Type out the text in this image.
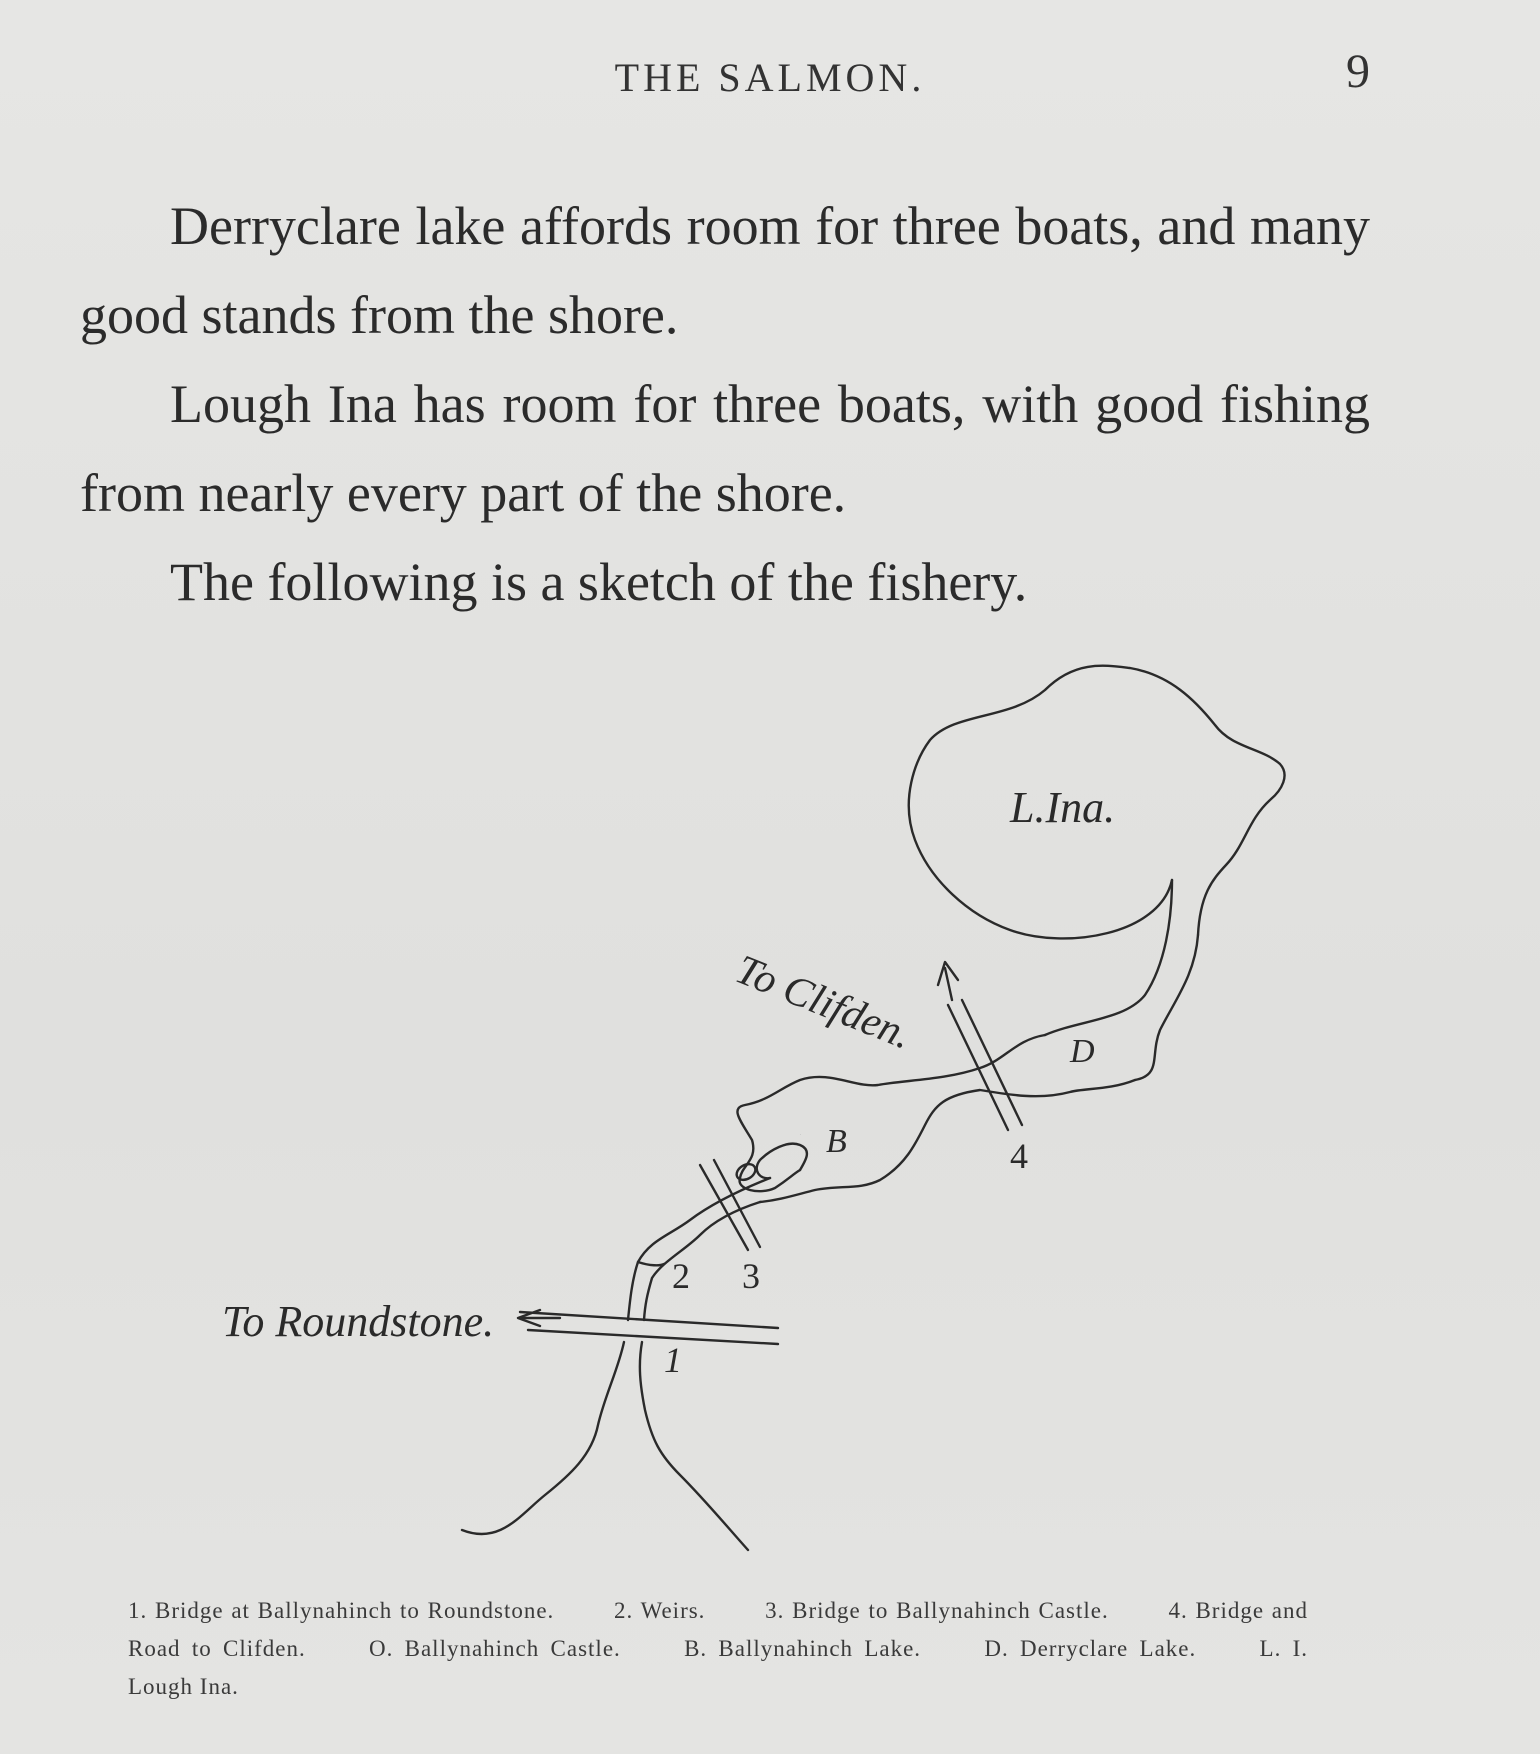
THE SALMON.	9

Derryclare lake affords room for three boats, and many good stands from the shore.

Lough Ina has room for three boats, with good fishing from nearly every part of the shore.

The following is a sketch of the fishery.

L.Ina.
To Clifden.
To Roundstone.
D
B
O
1
2 3
4
1. Bridge at Ballynahinch to Roundstone.	2. Weirs.	3. Bridge to Ballynahinch Castle.	4. Bridge and Road to Clifden.	O. Ballynahinch Castle.	B. Ballynahinch Lake.	D. Derryclare Lake.	L. I. Lough Ina.
